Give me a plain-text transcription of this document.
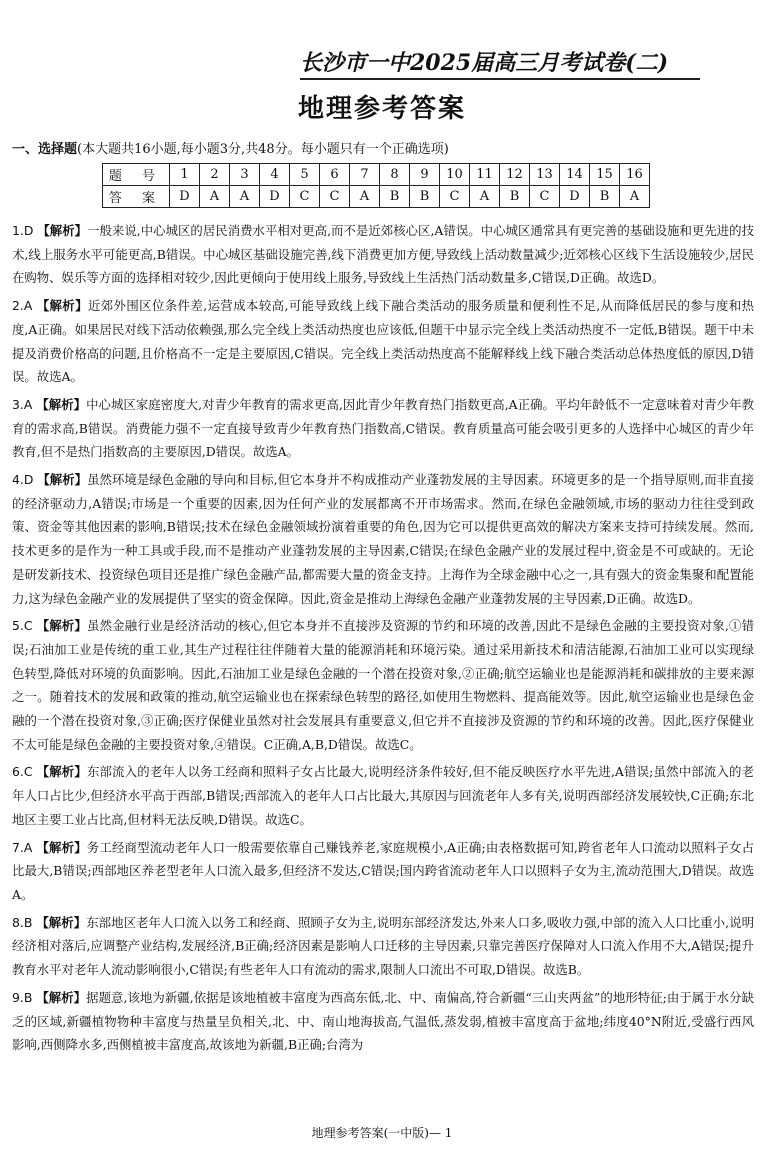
长沙市一中2025届高三月考试卷(二)
地理参考答案
一、选择题(本大题共16小题,每小题3分,共48分。每小题只有一个正确选项)
题 号	1	2	3	4	5	6	7	8	9	10	11	12	13	14	15	16
答 案	D	A	A	D	C	C	A	B	B	C	A	B	C	D	B	A

1.D 【解析】一般来说,中心城区的居民消费水平相对更高,而不是近郊核心区,A错误。中心城区通常具有更完善的基础设施和更先进的技术,线上服务水平可能更高,B错误。中心城区基础设施完善,线下消费更加方便,导致线上活动数量减少;近郊核心区线下生活设施较少,居民在购物、娱乐等方面的选择相对较少,因此更倾向于使用线上服务,导致线上生活热门活动数量多,C错误,D正确。故选D。

2.A 【解析】近郊外围区位条件差,运营成本较高,可能导致线上线下融合类活动的服务质量和便利性不足,从而降低居民的参与度和热度,A正确。如果居民对线下活动依赖强,那么完全线上类活动热度也应该低,但题干中显示完全线上类活动热度不一定低,B错误。题干中未提及消费价格高的问题,且价格高不一定是主要原因,C错误。完全线上类活动热度高不能解释线上线下融合类活动总体热度低的原因,D错误。故选A。

3.A 【解析】中心城区家庭密度大,对青少年教育的需求更高,因此青少年教育热门指数更高,A正确。平均年龄低不一定意味着对青少年教育的需求高,B错误。消费能力强不一定直接导致青少年教育热门指数高,C错误。教育质量高可能会吸引更多的人选择中心城区的青少年教育,但不是热门指数高的主要原因,D错误。故选A。

4.D 【解析】虽然环境是绿色金融的导向和目标,但它本身并不构成推动产业蓬勃发展的主导因素。环境更多的是一个指导原则,而非直接的经济驱动力,A错误;市场是一个重要的因素,因为任何产业的发展都离不开市场需求。然而,在绿色金融领域,市场的驱动力往往受到政策、资金等其他因素的影响,B错误;技术在绿色金融领域扮演着重要的角色,因为它可以提供更高效的解决方案来支持可持续发展。然而,技术更多的是作为一种工具或手段,而不是推动产业蓬勃发展的主导因素,C错误;在绿色金融产业的发展过程中,资金是不可或缺的。无论是研发新技术、投资绿色项目还是推广绿色金融产品,都需要大量的资金支持。上海作为全球金融中心之一,具有强大的资金集聚和配置能力,这为绿色金融产业的发展提供了坚实的资金保障。因此,资金是推动上海绿色金融产业蓬勃发展的主导因素,D正确。故选D。

5.C 【解析】虽然金融行业是经济活动的核心,但它本身并不直接涉及资源的节约和环境的改善,因此不是绿色金融的主要投资对象,①错误;石油加工业是传统的重工业,其生产过程往往伴随着大量的能源消耗和环境污染。通过采用新技术和清洁能源,石油加工业可以实现绿色转型,降低对环境的负面影响。因此,石油加工业是绿色金融的一个潜在投资对象,②正确;航空运输业也是能源消耗和碳排放的主要来源之一。随着技术的发展和政策的推动,航空运输业也在探索绿色转型的路径,如使用生物燃料、提高能效等。因此,航空运输业也是绿色金融的一个潜在投资对象,③正确;医疗保健业虽然对社会发展具有重要意义,但它并不直接涉及资源的节约和环境的改善。因此,医疗保健业不太可能是绿色金融的主要投资对象,④错误。C正确,A,B,D错误。故选C。

6.C 【解析】东部流入的老年人以务工经商和照料子女占比最大,说明经济条件较好,但不能反映医疗水平先进,A错误;虽然中部流入的老年人口占比少,但经济水平高于西部,B错误;西部流入的老年人口占比最大,其原因与回流老年人多有关,说明西部经济发展较快,C正确;东北地区主要工业占比高,但材料无法反映,D错误。故选C。

7.A 【解析】务工经商型流动老年人口一般需要依靠自己赚钱养老,家庭规模小,A正确;由表格数据可知,跨省老年人口流动以照料子女占比最大,B错误;西部地区养老型老年人口流入最多,但经济不发达,C错误;国内跨省流动老年人口以照料子女为主,流动范围大,D错误。故选A。

8.B 【解析】东部地区老年人口流入以务工和经商、照顾子女为主,说明东部经济发达,外来人口多,吸收力强,中部的流入人口比重小,说明经济相对落后,应调整产业结构,发展经济,B正确;经济因素是影响人口迁移的主导因素,只靠完善医疗保障对人口流入作用不大,A错误;提升教育水平对老年人流动影响很小,C错误;有些老年人口有流动的需求,限制人口流出不可取,D错误。故选B。

9.B 【解析】据题意,该地为新疆,依据是该地植被丰富度为西高东低,北、中、南偏高,符合新疆“三山夹两盆”的地形特征;由于属于水分缺乏的区域,新疆植物物种丰富度与热量呈负相关,北、中、南山地海拔高,气温低,蒸发弱,植被丰富度高于盆地;纬度40°N附近,受盛行西风影响,西侧降水多,西侧植被丰富度高,故该地为新疆,B正确;台湾为

地理参考答案(一中版)— 1
